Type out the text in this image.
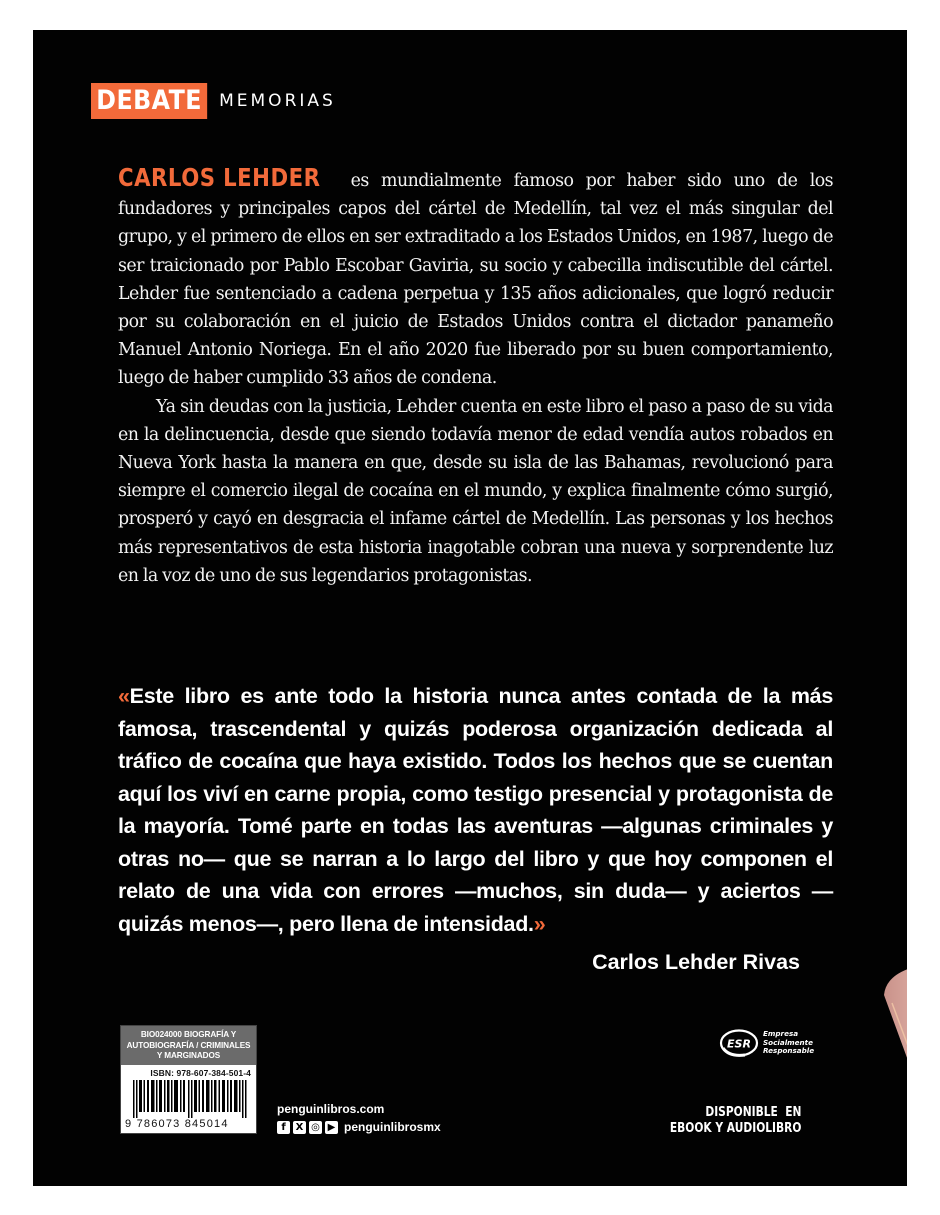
DEBATE	MEMORIAS

CARLOS LEHDER es mundialmente famoso por haber sido uno de los fundadores y principales capos del cártel de Medellín, tal vez el más singular del grupo, y el primero de ellos en ser extraditado a los Estados Unidos, en 1987, luego de ser traicionado por Pablo Escobar Gaviria, su socio y cabecilla indiscutible del cártel. Lehder fue sentenciado a cadena perpetua y 135 años adicionales, que logró reducir por su colaboración en el juicio de Estados Unidos contra el dictador panameño Manuel Antonio Noriega. En el año 2020 fue liberado por su buen comportamiento, luego de haber cumplido 33 años de condena.

Ya sin deudas con la justicia, Lehder cuenta en este libro el paso a paso de su vida en la delincuencia, desde que siendo todavía menor de edad vendía autos robados en Nueva York hasta la manera en que, desde su isla de las Bahamas, revolucionó para siempre el comercio ilegal de cocaína en el mundo, y explica finalmente cómo surgió, prosperó y cayó en desgracia el infame cártel de Medellín. Las personas y los hechos más representativos de esta historia inagotable cobran una nueva y sorprendente luz en la voz de uno de sus legendarios protagonistas.

«Este libro es ante todo la historia nunca antes contada de la más famosa, trascendental y quizás poderosa organización dedicada al tráfico de cocaína que haya existido. Todos los hechos que se cuentan aquí los viví en carne propia, como testigo presencial y protagonista de la mayoría. Tomé parte en todas las aventuras —algunas criminales y otras no— que se narran a lo largo del libro y que hoy componen el relato de una vida con errores —muchos, sin duda— y aciertos —quizás menos—, pero llena de intensidad.»
Carlos Lehder Rivas
BIO024000 BIOGRAFÍA Y AUTOBIOGRAFÍA / CRIMINALES Y MARGINADOS
ISBN: 978-607-384-501-4
9 786073 845014
penguinlibros.com
f X ◎ ▶ penguinlibrosmx
ESR
Empresa
Socialmente
Responsable
DISPONIBLE  EN
EBOOK Y AUDIOLIBRO
